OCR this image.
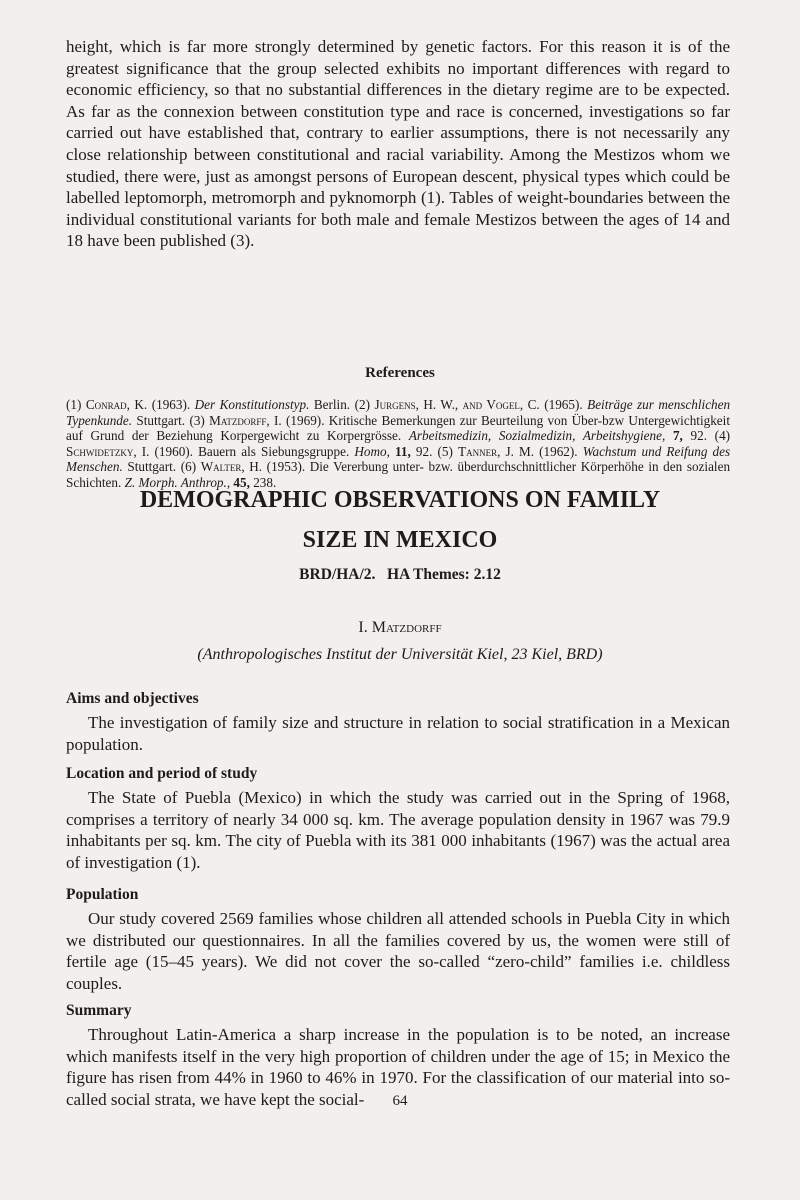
height, which is far more strongly determined by genetic factors. For this reason it is of the greatest significance that the group selected exhibits no important differences with regard to economic efficiency, so that no substantial differences in the dietary regime are to be expected. As far as the connexion between constitution type and race is concerned, investigations so far carried out have established that, contrary to earlier assumptions, there is not necessarily any close relationship between constitutional and racial variability. Among the Mestizos whom we studied, there were, just as amongst persons of European descent, physical types which could be labelled leptomorph, metromorph and pyknomorph (1). Tables of weight-boundaries between the individual constitutional variants for both male and female Mestizos between the ages of 14 and 18 have been published (3).

References

(1) Conrad, K. (1963). Der Konstitutionstyp. Berlin. (2) Jurgens, H. W., and Vogel, C. (1965). Beiträge zur menschlichen Typenkunde. Stuttgart. (3) Matzdorff, I. (1969). Kritische Bemerkungen zur Beurteilung von Über-bzw Untergewichtigkeit auf Grund der Beziehung Korpergewicht zu Korpergrösse. Arbeitsmedizin, Sozialmedizin, Arbeitshygiene, 7, 92. (4) Schwidetzky, I. (1960). Bauern als Siebungsgruppe. Homo, 11, 92. (5) Tanner, J. M. (1962). Wachstum und Reifung des Menschen. Stuttgart. (6) Walter, H. (1953). Die Vererbung unter- bzw. überdurchschnittlicher Körperhöhe in den sozialen Schichten. Z. Morph. Anthrop., 45, 238.

DEMOGRAPHIC OBSERVATIONS ON FAMILY
SIZE IN MEXICO
BRD/HA/2.   HA Themes: 2.12
I. Matzdorff
(Anthropologisches Institut der Universität Kiel, 23 Kiel, BRD)
Aims and objectives

The investigation of family size and structure in relation to social stratification in a Mexican population.

Location and period of study

The State of Puebla (Mexico) in which the study was carried out in the Spring of 1968, comprises a territory of nearly 34 000 sq. km. The average population density in 1967 was 79.9 inhabitants per sq. km. The city of Puebla with its 381 000 inhabitants (1967) was the actual area of investigation (1).

Population

Our study covered 2569 families whose children all attended schools in Puebla City in which we distributed our questionnaires. In all the families covered by us, the women were still of fertile age (15–45 years). We did not cover the so-called “zero-child” families i.e. childless couples.

Summary

Throughout Latin-America a sharp increase in the population is to be noted, an increase which manifests itself in the very high proportion of children under the age of 15; in Mexico the figure has risen from 44% in 1960 to 46% in 1970. For the classification of our material into so-called social strata, we have kept the social-	64
